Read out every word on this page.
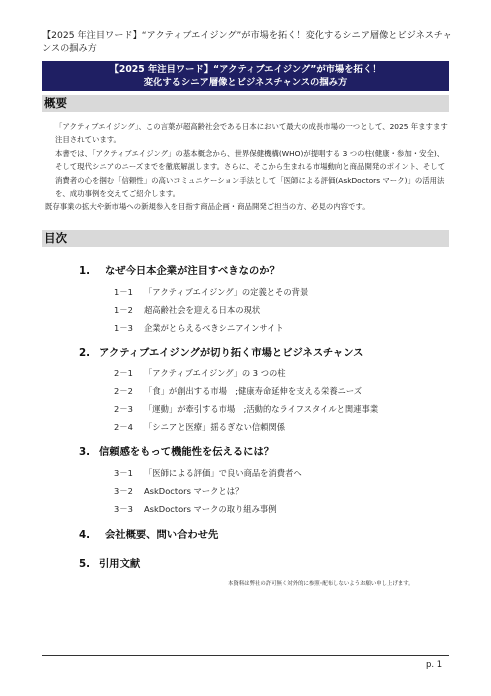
【2025 年注目ワード】“アクティブエイジング”が市場を拓く！変化するシニア層像とビジネスチャンスの掴み方
【2025 年注目ワード】“アクティブエイジング”が市場を拓く！
変化するシニア層像とビジネスチャンスの掴み方
概要

「アクティブエイジング」、この言葉が超高齢社会である日本において最大の成長市場の一つとして、2025 年ますます注目されています。

本書では、「アクティブエイジング」の基本概念から、世界保健機構(WHO)が提唱する 3 つの柱(健康・参加・安全)、そして現代シニアのニーズまでを徹底解説します。さらに、そこから生まれる市場動向と商品開発のポイント、そして消費者の心を掴む「信頼性」の高いコミュニケーション手法として「医師による評価(AskDoctors マーク)」の活用法を、成功事例を交えてご紹介します。

既存事業の拡大や新市場への新規参入を目指す商品企画・商品開発ご担当の方、必見の内容です。

目次
1. なぜ今日本企業が注目すべきなのか？
1－1 「アクティブエイジング」の定義とその背景
1－2 超高齢社会を迎える日本の現状
1－3 企業がとらえるべきシニアインサイト
2. アクティブエイジングが切り拓く市場とビジネスチャンス
2－1 「アクティブエイジング」の 3 つの柱
2－2 「食」が創出する市場　;健康寿命延伸を支える栄養ニーズ
2－3 「運動」が牽引する市場　;活動的なライフスタイルと関連事業
2－4 「シニアと医療」揺るぎない信頼関係
3. 信頼感をもって機能性を伝えるには？
3－1 「医師による評価」で良い商品を消費者へ
3－2 AskDoctors マークとは？
3－3 AskDoctors マークの取り組み事例
4. 会社概要、問い合わせ先
5. 引用文献
本資料は弊社の許可無く対外的に参照･配布しないようお願い申し上げます。
p. 1
